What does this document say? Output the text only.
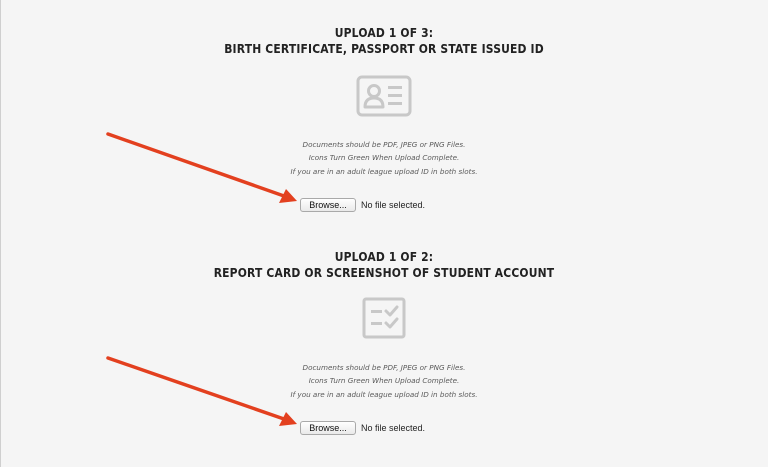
UPLOAD 1 OF 3:
BIRTH CERTIFICATE, PASSPORT OR STATE ISSUED ID
Documents should be PDF, JPEG or PNG Files.
Icons Turn Green When Upload Complete.
If you are in an adult league upload ID in both slots.
Browse...	No file selected.
UPLOAD 1 OF 2:
REPORT CARD OR SCREENSHOT OF STUDENT ACCOUNT
Documents should be PDF, JPEG or PNG Files.
Icons Turn Green When Upload Complete.
If you are in an adult league upload ID in both slots.
Browse...	No file selected.
